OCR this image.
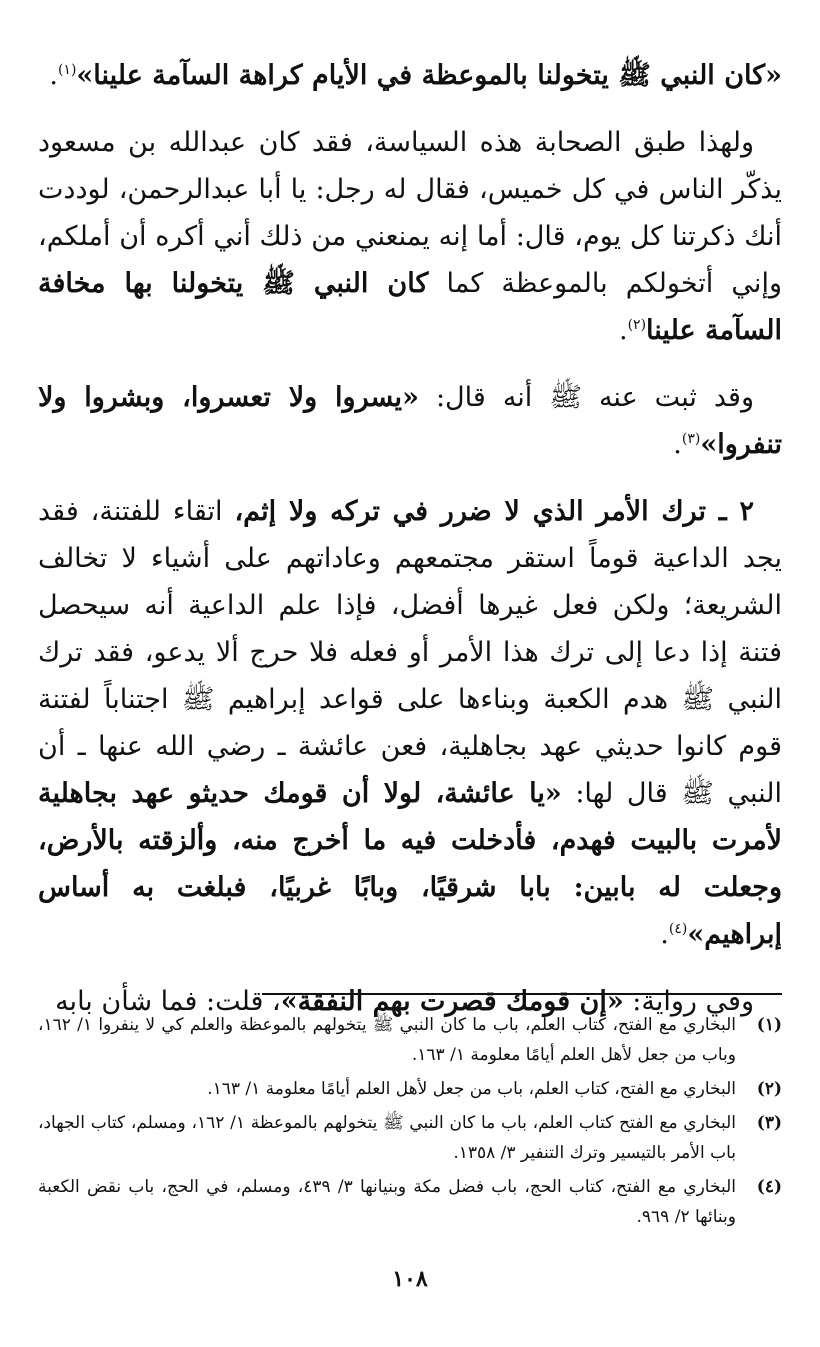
«كان النبي ﷺ يتخولنا بالموعظة في الأيام كراهة السآمة علينا»$^{(١)}$.

ولهذا طبق الصحابة هذه السياسة، فقد كان عبدالله بن مسعود يذكّر الناس في كل خميس، فقال له رجل: يا أبا عبدالرحمن، لوددت أنك ذكرتنا كل يوم، قال: أما إنه يمنعني من ذلك أني أكره أن أملكم، وإني أتخولكم بالموعظة كما كان النبي ﷺ يتخولنا بها مخافة السآمة علينا$^{(٢)}$.

وقد ثبت عنه ﷺ أنه قال: «يسروا ولا تعسروا، وبشروا ولا تنفروا»$^{(٣)}$.

٢ ـ ترك الأمر الذي لا ضرر في تركه ولا إثم، اتقاء للفتنة، فقد يجد الداعية قوماً استقر مجتمعهم وعاداتهم على أشياء لا تخالف الشريعة؛ ولكن فعل غيرها أفضل، فإذا علم الداعية أنه سيحصل فتنة إذا دعا إلى ترك هذا الأمر أو فعله فلا حرج ألا يدعو، فقد ترك النبي ﷺ هدم الكعبة وبناءها على قواعد إبراهيم ﷺ اجتناباً لفتنة قوم كانوا حديثي عهد بجاهلية، فعن عائشة ـ رضي الله عنها ـ أن النبي ﷺ قال لها: «يا عائشة، لولا أن قومك حديثو عهد بجاهلية لأمرت بالبيت فهدم، فأدخلت فيه ما أخرج منه، وألزقته بالأرض، وجعلت له بابين: بابا شرقيًا، وبابًا غربيًا، فبلغت به أساس إبراهيم»$^{(٤)}$.

وفي رواية: «إن قومك قصرت بهم النفقة»، قلت: فما شأن بابه

(١)
البخاري مع الفتح، كتاب العلم، باب ما كان النبي ﷺ يتخولهم بالموعظة والعلم كي لا ينفروا ١/ ١٦٢، وباب من جعل لأهل العلم أيامًا معلومة ١/ ١٦٣.
(٢)
البخاري مع الفتح، كتاب العلم، باب من جعل لأهل العلم أيامًا معلومة ١/ ١٦٣.
(٣)
البخاري مع الفتح كتاب العلم، باب ما كان النبي ﷺ يتخولهم بالموعظة ١/ ١٦٢، ومسلم، كتاب الجهاد، باب الأمر بالتيسير وترك التنفير ٣/ ١٣٥٨.
(٤)
البخاري مع الفتح، كتاب الحج، باب فضل مكة وبنيانها ٣/ ٤٣٩، ومسلم، في الحج، باب نقض الكعبة وبنائها ٢/ ٩٦٩.
١٠٨
